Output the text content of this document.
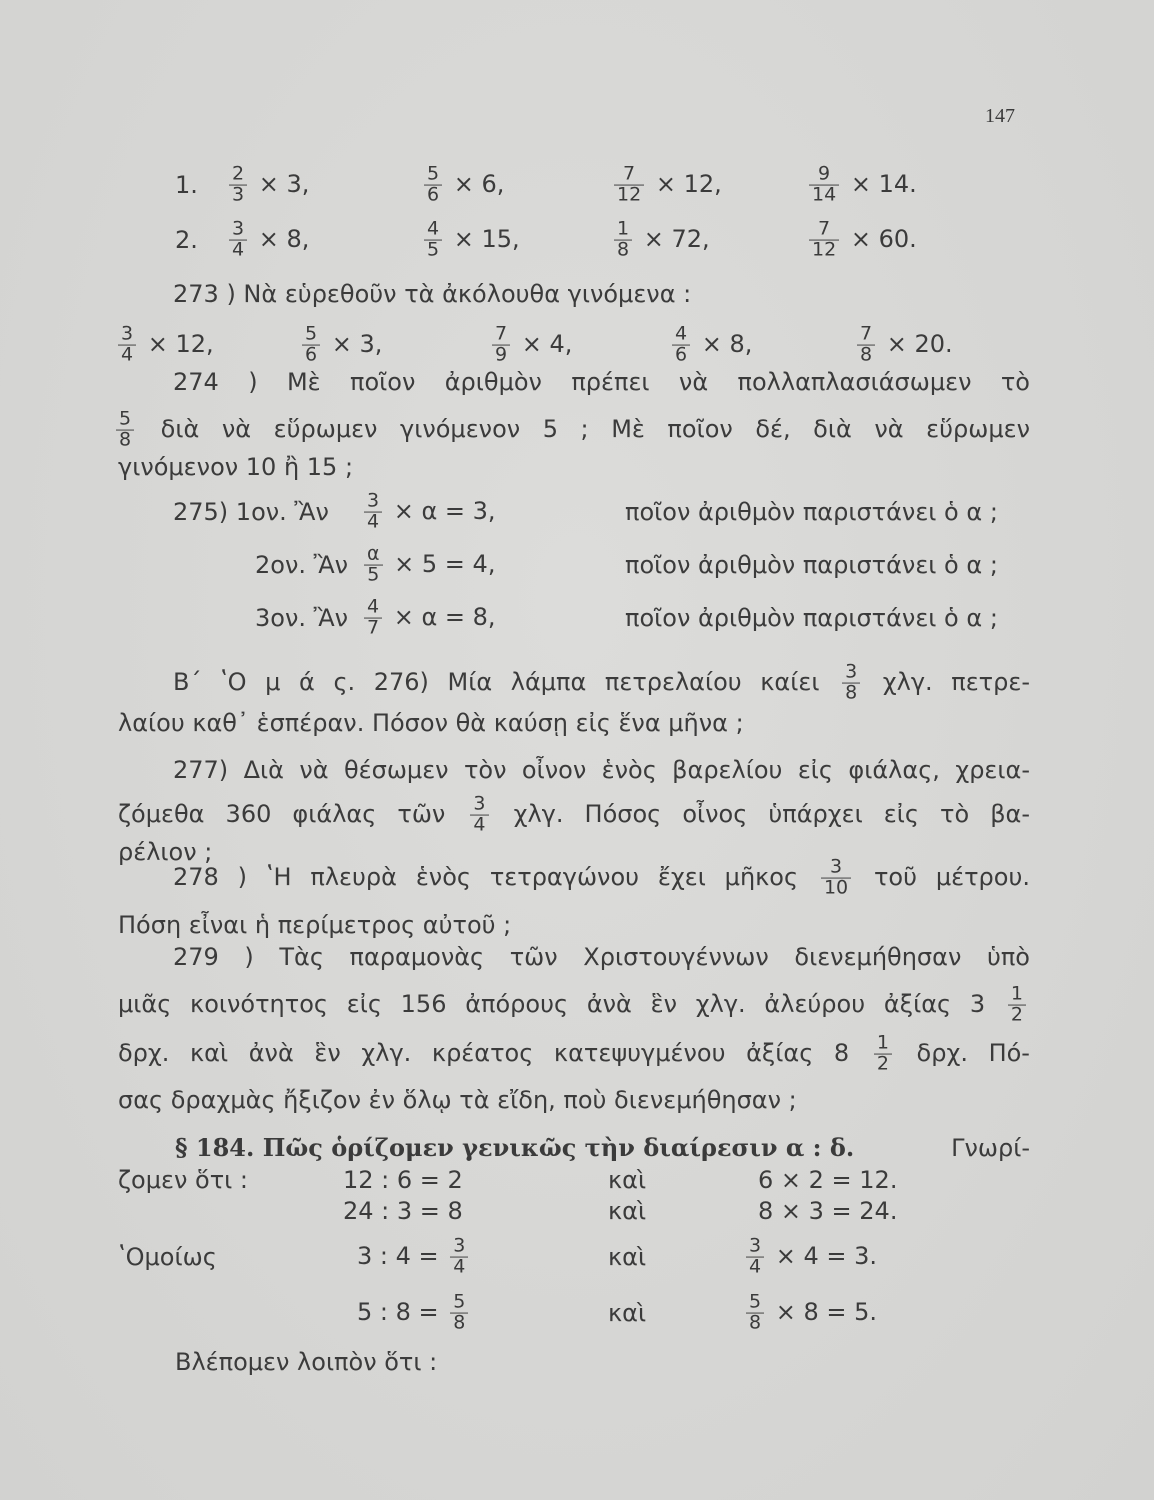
147
1. $\frac{2}{3} \times 3$,	$\frac{5}{6} \times 6$,	$\frac{7}{12} \times 12$,	$\frac{9}{14} \times 14$.
2. $\frac{3}{4} \times 8$,	$\frac{4}{5} \times 15$,	$\frac{1}{8} \times 72$,	$\frac{7}{12} \times 60$.
273 ) Νὰ εὑρεθοῦν τὰ ἀκόλουθα γινόμενα :
$\frac{3}{4} \times 12$,	$\frac{5}{6} \times 3$,	$\frac{7}{9} \times 4$,	$\frac{4}{6} \times 8$,	$\frac{7}{8} \times 20$.
274 ) Μὲ ποῖον ἀριθμὸν πρέπει νὰ πολλαπλασιάσωμεν τὸ
$\frac{5}{8}$ διὰ νὰ εὕρωμεν γινόμενον 5 ; Μὲ ποῖον δέ, διὰ νὰ εὕρωμεν
γινόμενον 10 ἢ 15 ;
275) 1ον. Ἂν $\frac{3}{4} \times \alpha = 3$,	ποῖον ἀριθμὸν παριστάνει ὁ α ;
2ον. Ἂν $\frac{\alpha}{5} \times 5 = 4$,	ποῖον ἀριθμὸν παριστάνει ὁ α ;
3ον. Ἂν $\frac{4}{7} \times \alpha = 8$,	ποῖον ἀριθμὸν παριστάνει ὁ α ;
Β΄ ʽΟ μ ά ς. 276) Μία λάμπα πετρελαίου καίει $\frac{3}{8} \chi\lambda\gamma$. πετρε-
λαίου καθ᾽ ἑσπέραν. Πόσον θὰ καύσῃ εἰς ἕνα μῆνα ;
277) Διὰ νὰ θέσωμεν τὸν οἶνον ἑνὸς βαρελίου εἰς φιάλας, χρεια-
ζόμεθα 360 φιάλας τῶν $\frac{3}{4} \chi\lambda\gamma$. Πόσος οἶνος ὑπάρχει εἰς τὸ βα-
ρέλιον ;
278 ) ʽΗ πλευρὰ ἑνὸς τετραγώνου ἔχει μῆκος $\frac{3}{10}$ τοῦ μέτρου.
Πόση εἶναι ἡ περίμετρος αὐτοῦ ;
279 ) Τὰς παραμονὰς τῶν Χριστουγέννων διενεμήθησαν ὑπὸ
μιᾶς κοινότητος εἰς 156 ἀπόρους ἀνὰ ἓν χλγ. ἀλεύρου ἀξίας $3 \frac{1}{2}$
δρχ. καὶ ἀνὰ ἓν χλγ. κρέατος κατεψυγμένου ἀξίας $8 \frac{1}{2} \delta\rho\chi$. Πό-
σας δραχμὰς ἤξιζον ἐν ὅλῳ τὰ εἴδη, ποὺ διενεμήθησαν ;
§ 184. Πῶς ὁρίζομεν γενικῶς τὴν διαίρεσιν α : δ.	Γνωρί-
ζομεν ὅτι :	12 : 6 = 2	καὶ	6 × 2 = 12.
24 : 3 = 8	καὶ	8 × 3 = 24.
ʽΟμοίως	3 : $4 = \frac{3}{4}$	καὶ	$\frac{3}{4} \times 4 = 3$.
5 : $8 = \frac{5}{8}$	καὶ	$\frac{5}{8} \times 8 = 5$.
Βλέπομεν λοιπὸν ὅτι :
